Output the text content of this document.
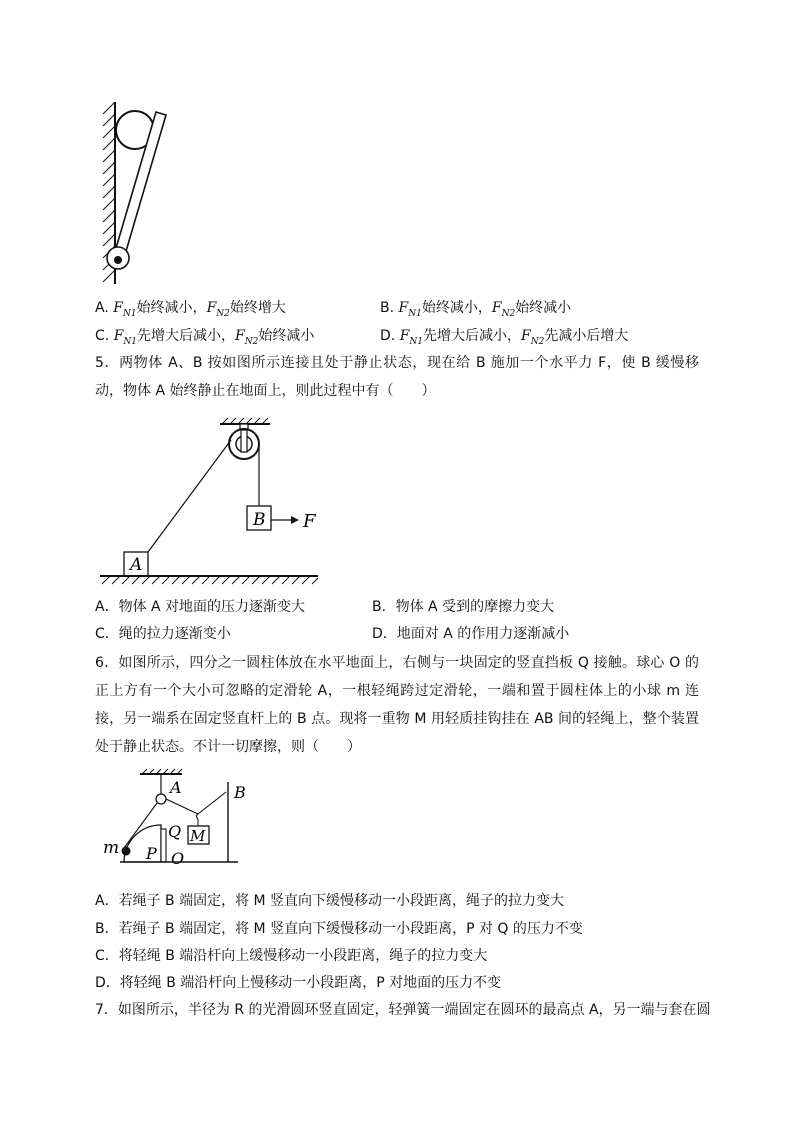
A. $F_{N1}$始终减小，$F_{N2}$始终增大	B. $F_{N1}$始终减小，$F_{N2}$始终减小
C. $F_{N1}$先增大后减小，$F_{N2}$始终减小	D. $F_{N1}$先增大后减小，$F_{N2}$先减小后增大
5．两物体 A、B 按如图所示连接且处于静止状态，现在给 B 施加一个水平力 F，使 B 缓慢移动，物体 A 始终静止在地面上，则此过程中有（　　）
A
B F
A．物体 A 对地面的压力逐渐变大	B．物体 A 受到的摩擦力变大
C．绳的拉力逐渐变小	D．地面对 A 的作用力逐渐减小
6．如图所示，四分之一圆柱体放在水平地面上，右侧与一块固定的竖直挡板 Q 接触。球心 O 的正上方有一个大小可忽略的定滑轮 A，一根轻绳跨过定滑轮，一端和置于圆柱体上的小球 m 连接，另一端系在固定竖直杆上的 B 点。现将一重物 M 用轻质挂钩挂在 AB 间的轻绳上，整个装置处于静止状态。不计一切摩擦，则（　　）
A	B
M
m
Q
P O
A．若绳子 B 端固定，将 M 竖直向下缓慢移动一小段距离，绳子的拉力变大
B．若绳子 B 端固定，将 M 竖直向下缓慢移动一小段距离，P 对 Q 的压力不变
C．将轻绳 B 端沿杆向上缓慢移动一小段距离，绳子的拉力变大
D．将轻绳 B 端沿杆向上慢移动一小段距离，P 对地面的压力不变
7．如图所示，半径为 R 的光滑圆环竖直固定，轻弹簧一端固定在圆环的最高点 A，另一端与套在圆
